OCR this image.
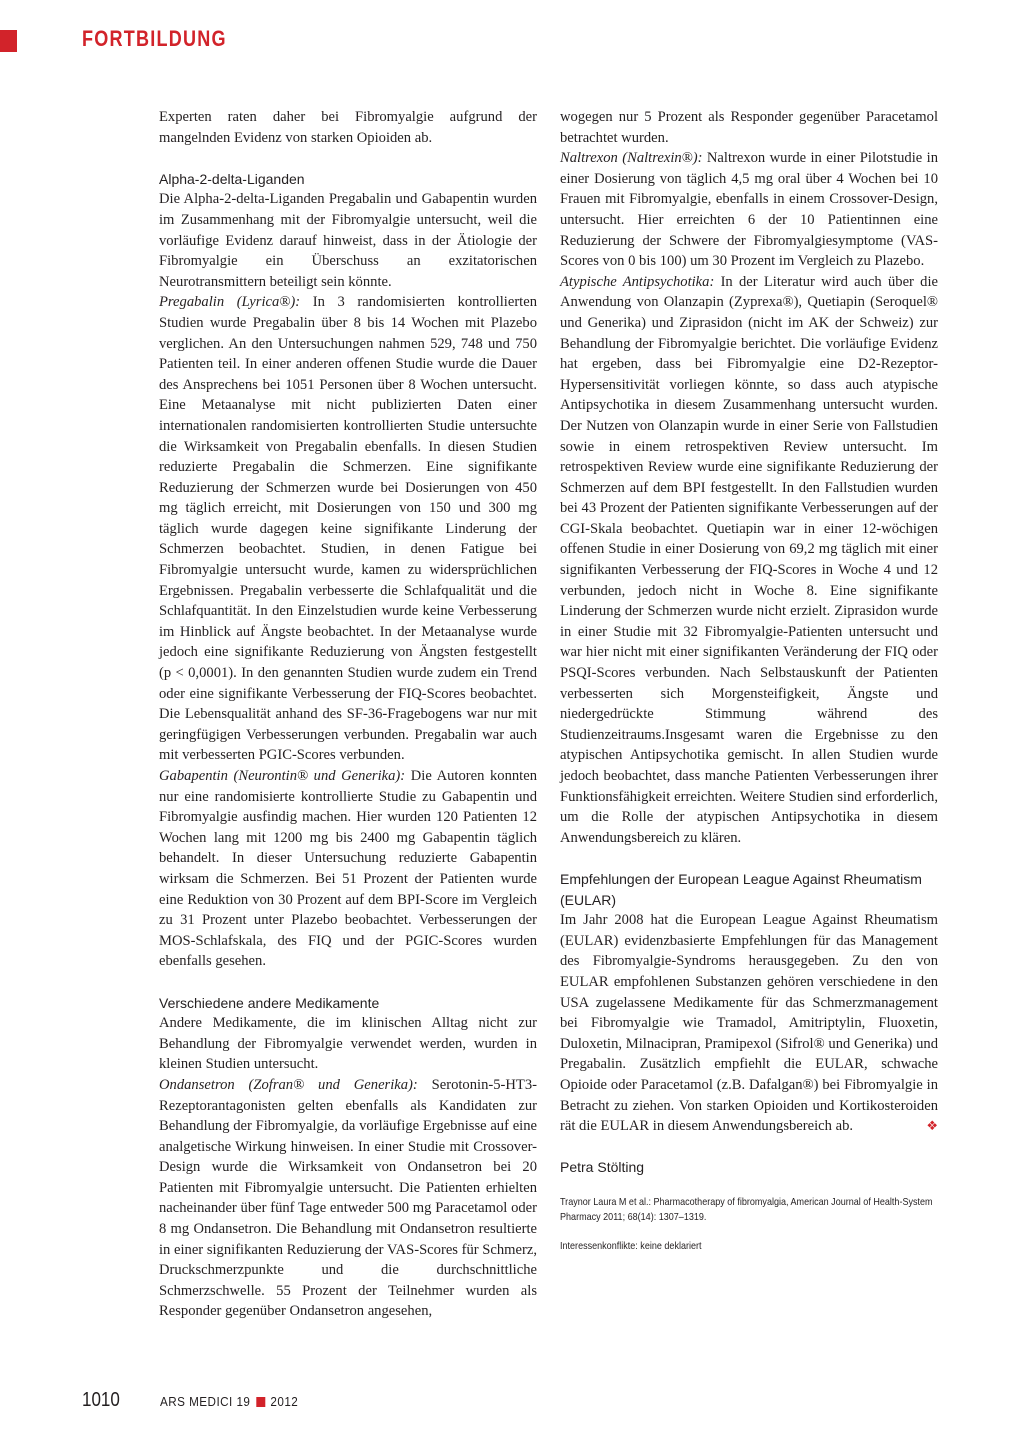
FORTBILDUNG

Experten raten daher bei Fibromyalgie aufgrund der mangelnden Evidenz von starken Opioiden ab.

Alpha-2-delta-Liganden

Die Alpha-2-delta-Liganden Pregabalin und Gabapentin wurden im Zusammenhang mit der Fibromyalgie untersucht, weil die vorläufige Evidenz darauf hinweist, dass in der Ätiologie der Fibromyalgie ein Überschuss an exzitatorischen Neurotransmittern beteiligt sein könnte.

Pregabalin (Lyrica®): In 3 randomisierten kontrollierten Studien wurde Pregabalin über 8 bis 14 Wochen mit Plazebo verglichen. An den Untersuchungen nahmen 529, 748 und 750 Patienten teil. In einer anderen offenen Studie wurde die Dauer des Ansprechens bei 1051 Personen über 8 Wochen untersucht. Eine Metaanalyse mit nicht publizierten Daten einer internationalen randomisierten kontrollierten Studie untersuchte die Wirksamkeit von Pregabalin ebenfalls. In diesen Studien reduzierte Pregabalin die Schmerzen. Eine signifikante Reduzierung der Schmerzen wurde bei Dosierungen von 450 mg täglich erreicht, mit Dosierungen von 150 und 300 mg täglich wurde dagegen keine signifikante Linderung der Schmerzen beobachtet. Studien, in denen Fatigue bei Fibromyalgie untersucht wurde, kamen zu widersprüchlichen Ergebnissen. Pregabalin verbesserte die Schlafqualität und die Schlafquantität. In den Einzelstudien wurde keine Verbesserung im Hinblick auf Ängste beobachtet. In der Metaanalyse wurde jedoch eine signifikante Reduzierung von Ängsten festgestellt (p < 0,0001). In den genannten Studien wurde zudem ein Trend oder eine signifikante Verbesserung der FIQ-Scores beobachtet. Die Lebensqualität anhand des SF-36-Fragebogens war nur mit geringfügigen Verbesserungen verbunden. Pregabalin war auch mit verbesserten PGIC-Scores verbunden.

Gabapentin (Neurontin® und Generika): Die Autoren konnten nur eine randomisierte kontrollierte Studie zu Gabapentin und Fibromyalgie ausfindig machen. Hier wurden 120 Patienten 12 Wochen lang mit 1200 mg bis 2400 mg Gabapentin täglich behandelt. In dieser Untersuchung reduzierte Gabapentin wirksam die Schmerzen. Bei 51 Prozent der Patienten wurde eine Reduktion von 30 Prozent auf dem BPI-Score im Vergleich zu 31 Prozent unter Plazebo beobachtet. Verbesserungen der MOS-Schlafskala, des FIQ und der PGIC-Scores wurden ebenfalls gesehen.

Verschiedene andere Medikamente

Andere Medikamente, die im klinischen Alltag nicht zur Behandlung der Fibromyalgie verwendet werden, wurden in kleinen Studien untersucht.

Ondansetron (Zofran® und Generika): Serotonin-5-HT3-Rezeptorantagonisten gelten ebenfalls als Kandidaten zur Behandlung der Fibromyalgie, da vorläufige Ergebnisse auf eine analgetische Wirkung hinweisen. In einer Studie mit Crossover-Design wurde die Wirksamkeit von Ondansetron bei 20 Patienten mit Fibromyalgie untersucht. Die Patienten erhielten nacheinander über fünf Tage entweder 500 mg Paracetamol oder 8 mg Ondansetron. Die Behandlung mit Ondansetron resultierte in einer signifikanten Reduzierung der VAS-Scores für Schmerz, Druckschmerzpunkte und die durchschnittliche Schmerzschwelle. 55 Prozent der Teilnehmer wurden als Responder gegenüber Ondansetron angesehen,

wogegen nur 5 Prozent als Responder gegenüber Paracetamol betrachtet wurden.

Naltrexon (Naltrexin®): Naltrexon wurde in einer Pilotstudie in einer Dosierung von täglich 4,5 mg oral über 4 Wochen bei 10 Frauen mit Fibromyalgie, ebenfalls in einem Crossover-Design, untersucht. Hier erreichten 6 der 10 Patientinnen eine Reduzierung der Schwere der Fibromyalgiesymptome (VAS-Scores von 0 bis 100) um 30 Prozent im Vergleich zu Plazebo.

Atypische Antipsychotika: In der Literatur wird auch über die Anwendung von Olanzapin (Zyprexa®), Quetiapin (Seroquel® und Generika) und Ziprasidon (nicht im AK der Schweiz) zur Behandlung der Fibromyalgie berichtet. Die vorläufige Evidenz hat ergeben, dass bei Fibromyalgie eine D2-Rezeptor-Hypersensitivität vorliegen könnte, so dass auch atypische Antipsychotika in diesem Zusammenhang untersucht wurden. Der Nutzen von Olanzapin wurde in einer Serie von Fallstudien sowie in einem retrospektiven Review untersucht. Im retrospektiven Review wurde eine signifikante Reduzierung der Schmerzen auf dem BPI festgestellt. In den Fallstudien wurden bei 43 Prozent der Patienten signifikante Verbesserungen auf der CGI-Skala beobachtet. Quetiapin war in einer 12-wöchigen offenen Studie in einer Dosierung von 69,2 mg täglich mit einer signifikanten Verbesserung der FIQ-Scores in Woche 4 und 12 verbunden, jedoch nicht in Woche 8. Eine signifikante Linderung der Schmerzen wurde nicht erzielt. Ziprasidon wurde in einer Studie mit 32 Fibromyalgie-Patienten untersucht und war hier nicht mit einer signifikanten Veränderung der FIQ oder PSQI-Scores verbunden. Nach Selbstauskunft der Patienten verbesserten sich Morgensteifigkeit, Ängste und niedergedrückte Stimmung während des Studienzeitraums.Insgesamt waren die Ergebnisse zu den atypischen Antipsychotika gemischt. In allen Studien wurde jedoch beobachtet, dass manche Patienten Verbesserungen ihrer Funktionsfähigkeit erreichten. Weitere Studien sind erforderlich, um die Rolle der atypischen Antipsychotika in diesem Anwendungsbereich zu klären.

Empfehlungen der European League Against Rheumatism (EULAR)

Im Jahr 2008 hat die European League Against Rheumatism (EULAR) evidenzbasierte Empfehlungen für das Management des Fibromyalgie-Syndroms herausgegeben. Zu den von EULAR empfohlenen Substanzen gehören verschiedene in den USA zugelassene Medikamente für das Schmerzmanagement bei Fibromyalgie wie Tramadol, Amitriptylin, Fluoxetin, Duloxetin, Milnacipran, Pramipexol (Sifrol® und Generika) und Pregabalin. Zusätzlich empfiehlt die EULAR, schwache Opioide oder Paracetamol (z.B. Dafalgan®) bei Fibromyalgie in Betracht zu ziehen. Von starken Opioiden und Kortikosteroiden rät die EULAR in diesem Anwendungsbereich ab.	❖

Petra Stölting

Traynor Laura M et al.: Pharmacotherapy of fibromyalgia, American Journal of Health-System Pharmacy 2011; 68(14): 1307–1319.

Interessenkonflikte: keine deklariert

1010	ARS MEDICI 19 2012
